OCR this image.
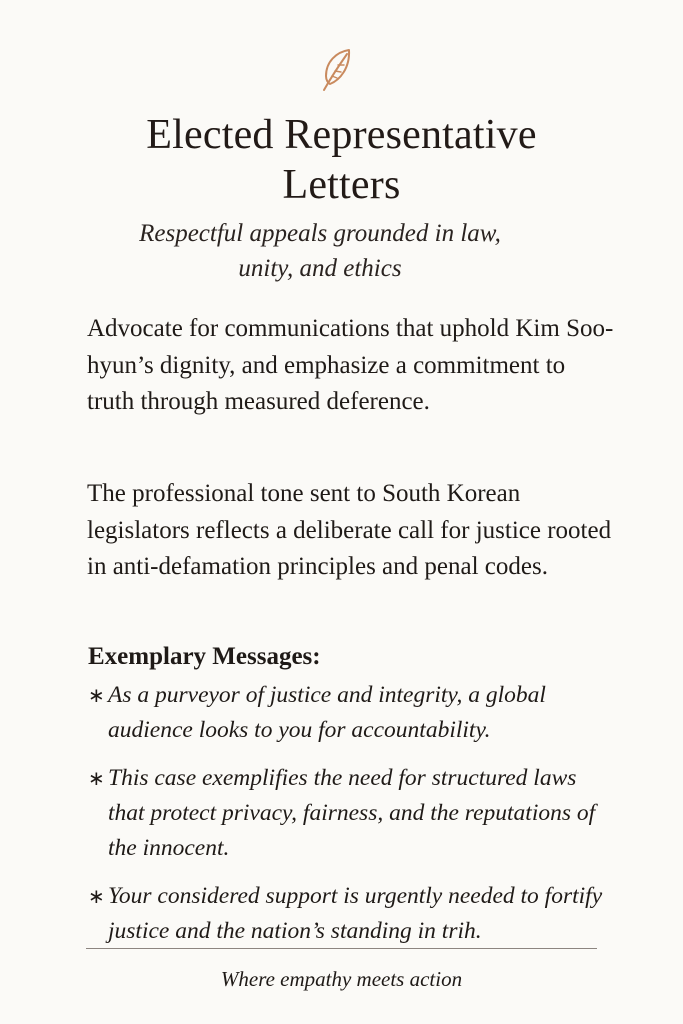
Elected Representative
Letters
Respectful appeals grounded in law,
unity, and ethics

Advocate for communications that uphold Kim Soo-hyun’s dignity, and emphasize a commitment to truth through measured deference.

The professional tone sent to South Korean legislators reflects a deliberate call for justice rooted in anti-defamation principles and penal codes.

Exemplary Messages:
∗ As a purveyor of justice and integrity, a global audience looks to you for accountability.
∗ This case exemplifies the need for structured laws that protect privacy, fairness, and the reputations of the innocent.
∗ Your considered support is urgently needed to fortify justice and the nation’s standing in trih.
Where empathy meets action
